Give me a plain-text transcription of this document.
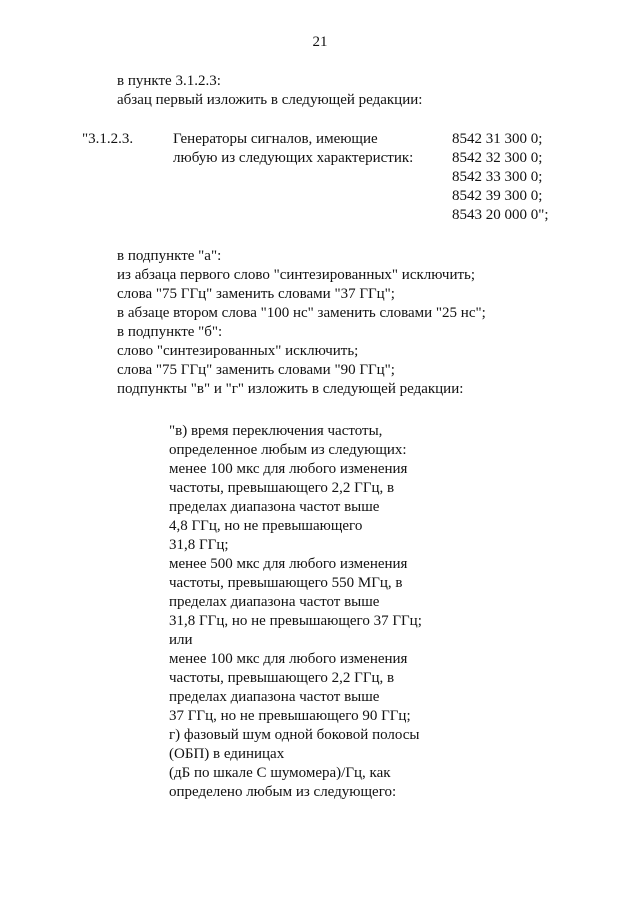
21
в пункте 3.1.2.3:
абзац первый изложить в следующей редакции:
"3.1.2.3.	Генераторы сигналов, имеющие
любую из следующих характеристик:
8542 31 300 0;
8542 32 300 0;
8542 33 300 0;
8542 39 300 0;
8543 20 000 0";
в подпункте "а":
из абзаца первого слово "синтезированных" исключить;
слова "75 ГГц" заменить словами "37 ГГц";
в абзаце втором слова "100 нс" заменить словами "25 нс";
в подпункте "б":
слово "синтезированных" исключить;
слова "75 ГГц" заменить словами "90 ГГц";
подпункты "в" и "г" изложить в следующей редакции:
"в) время переключения частоты,
определенное любым из следующих:
менее 100 мкс для любого изменения
частоты, превышающего 2,2 ГГц, в
пределах диапазона частот выше
4,8 ГГц, но не превышающего
31,8 ГГц;
менее 500 мкс для любого изменения
частоты, превышающего 550 МГц, в
пределах диапазона частот выше
31,8 ГГц, но не превышающего 37 ГГц;
или
менее 100 мкс для любого изменения
частоты, превышающего 2,2 ГГц, в
пределах диапазона частот выше
37 ГГц, но не превышающего 90 ГГц;
г) фазовый шум одной боковой полосы
(ОБП) в единицах
(дБ по шкале С шумомера)/Гц, как
определено любым из следующего:
